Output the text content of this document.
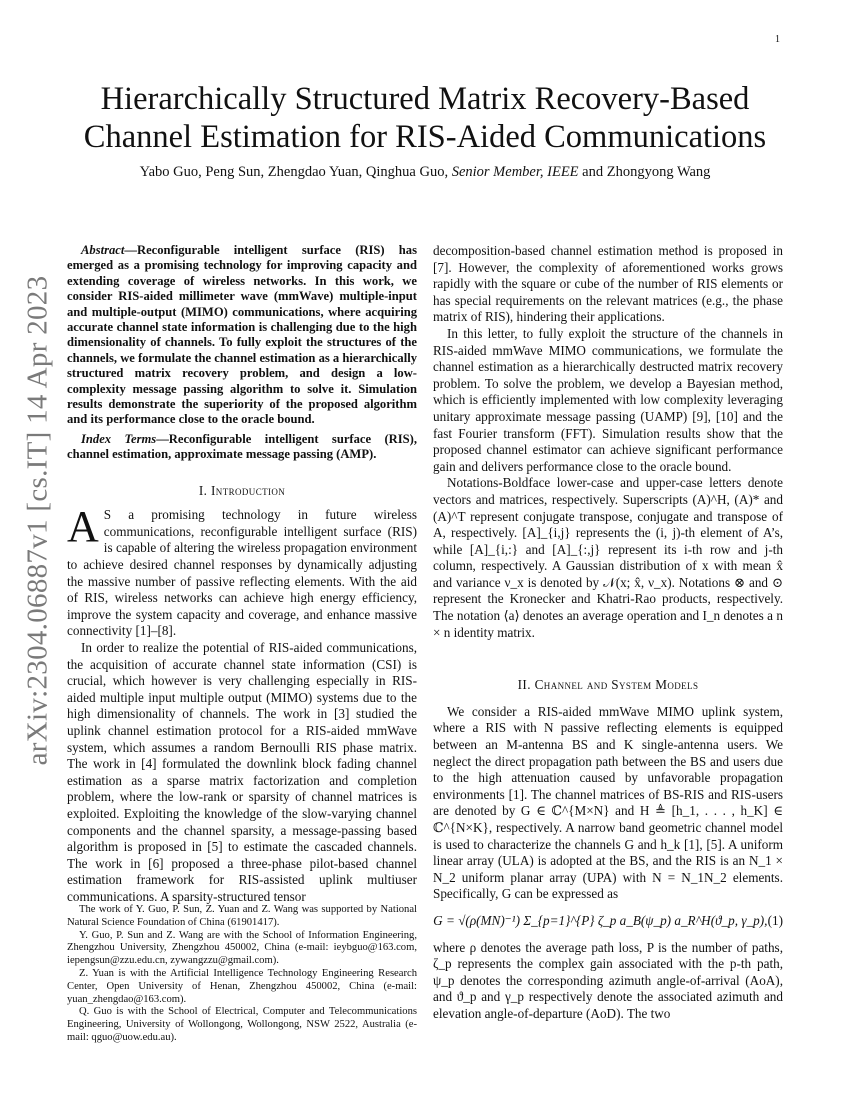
1
arXiv:2304.06887v1 [cs.IT] 14 Apr 2023
Hierarchically Structured Matrix Recovery-Based
Channel Estimation for RIS-Aided Communications
Yabo Guo, Peng Sun, Zhengdao Yuan, Qinghua Guo, Senior Member, IEEE and Zhongyong Wang

Abstract—Reconfigurable intelligent surface (RIS) has emerged as a promising technology for improving capacity and extending coverage of wireless networks. In this work, we consider RIS-aided millimeter wave (mmWave) multiple-input and multiple-output (MIMO) communications, where acquiring accurate channel state information is challenging due to the high dimensionality of channels. To fully exploit the structures of the channels, we formulate the channel estimation as a hierarchically structured matrix recovery problem, and design a low-complexity message passing algorithm to solve it. Simulation results demonstrate the superiority of the proposed algorithm and its performance close to the oracle bound.

Index Terms—Reconfigurable intelligent surface (RIS), channel estimation, approximate message passing (AMP).

I. Introduction

A S a promising technology in future wireless communications, reconfigurable intelligent surface (RIS) is capable of altering the wireless propagation environment to achieve desired channel responses by dynamically adjusting the massive number of passive reflecting elements. With the aid of RIS, wireless networks can achieve high energy efficiency, improve the system capacity and coverage, and enhance massive connectivity [1]–[8].

In order to realize the potential of RIS-aided communications, the acquisition of accurate channel state information (CSI) is crucial, which however is very challenging especially in RIS-aided multiple input multiple output (MIMO) systems due to the high dimensionality of channels. The work in [3] studied the uplink channel estimation protocol for a RIS-aided mmWave system, which assumes a random Bernoulli RIS phase matrix. The work in [4] formulated the downlink block fading channel estimation as a sparse matrix factorization and completion problem, where the low-rank or sparsity of channel matrices is exploited. Exploiting the knowledge of the slow-varying channel components and the channel sparsity, a message-passing based algorithm is proposed in [5] to estimate the cascaded channels. The work in [6] proposed a three-phase pilot-based channel estimation framework for RIS-assisted uplink multiuser communications. A sparsity-structured tensor

The work of Y. Guo, P. Sun, Z. Yuan and Z. Wang was supported by National Natural Science Foundation of China (61901417).

Y. Guo, P. Sun and Z. Wang are with the School of Information Engineering, Zhengzhou University, Zhengzhou 450002, China (e-mail: ieybguo@163.com, iepengsun@zzu.edu.cn, zywangzzu@gmail.com).

Z. Yuan is with the Artificial Intelligence Technology Engineering Research Center, Open University of Henan, Zhengzhou 450002, China (e-mail: yuan_zhengdao@163.com).

Q. Guo is with the School of Electrical, Computer and Telecommunications Engineering, University of Wollongong, Wollongong, NSW 2522, Australia (e-mail: qguo@uow.edu.au).

decomposition-based channel estimation method is proposed in [7]. However, the complexity of aforementioned works grows rapidly with the square or cube of the number of RIS elements or has special requirements on the relevant matrices (e.g., the phase matrix of RIS), hindering their applications.

In this letter, to fully exploit the structure of the channels in RIS-aided mmWave MIMO communications, we formulate the channel estimation as a hierarchically destructed matrix recovery problem. To solve the problem, we develop a Bayesian method, which is efficiently implemented with low complexity leveraging unitary approximate message passing (UAMP) [9], [10] and the fast Fourier transform (FFT). Simulation results show that the proposed channel estimator can achieve significant performance gain and delivers performance close to the oracle bound.

Notations-Boldface lower-case and upper-case letters denote vectors and matrices, respectively. Superscripts (A)^H, (A)* and (A)^T represent conjugate transpose, conjugate and transpose of A, respectively. [A]_{i,j} represents the (i, j)-th element of A’s, while [A]_{i,:} and [A]_{:,j} represent its i-th row and j-th column, respectively. A Gaussian distribution of x with mean x̂ and variance ν_x is denoted by 𝒩(x; x̂, ν_x). Notations ⊗ and ⊙ represent the Kronecker and Khatri-Rao products, respectively. The notation ⟨a⟩ denotes an average operation and I_n denotes a n × n identity matrix.

II. Channel and System Models

We consider a RIS-aided mmWave MIMO uplink system, where a RIS with N passive reflecting elements is equipped between an M-antenna BS and K single-antenna users. We neglect the direct propagation path between the BS and users due to the high attenuation caused by unfavorable propagation environments [1]. The channel matrices of BS-RIS and RIS-users are denoted by G ∈ ℂ^{M×N} and H ≜ [h_1, . . . , h_K] ∈ ℂ^{N×K}, respectively. A narrow band geometric channel model is used to characterize the channels G and h_k [1], [5]. A uniform linear array (ULA) is adopted at the BS, and the RIS is an N_1 × N_2 uniform planar array (UPA) with N = N_1N_2 elements. Specifically, G can be expressed as

G = √(ρ(MN)⁻¹) Σ_{p=1}^{P} ζ_p a_B(ψ_p) a_R^H(ϑ_p, γ_p), (1)

where ρ denotes the average path loss, P is the number of paths, ζ_p represents the complex gain associated with the p-th path, ψ_p denotes the corresponding azimuth angle-of-arrival (AoA), and ϑ_p and γ_p respectively denote the associated azimuth and elevation angle-of-departure (AoD). The two
